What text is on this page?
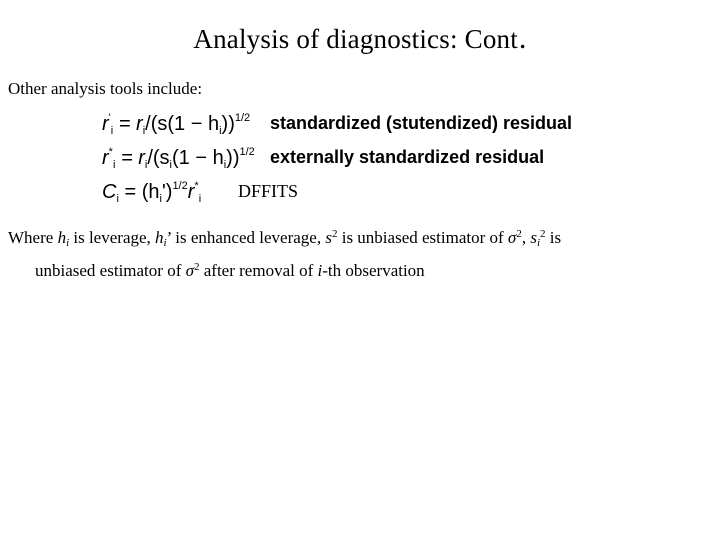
Analysis of diagnostics: Cont.
Other analysis tools include:
$r'_i = r_i/(s(1 - h_i))^{1/2}$ standardized (stutendized) residual
$r^*_i = r_i/(s_i(1 - h_i))^{1/2}$ externally standardized residual
$C_i = (h_i')^{1/2}r^*_i$ DFFITS
Where $h_i$ is leverage, $h_i$’ is enhanced leverage, $s^2$ is unbiased estimator of $\sigma^2$, $s_i^2$ is
unbiased estimator of $\sigma^2$ after removal of i-th observation
